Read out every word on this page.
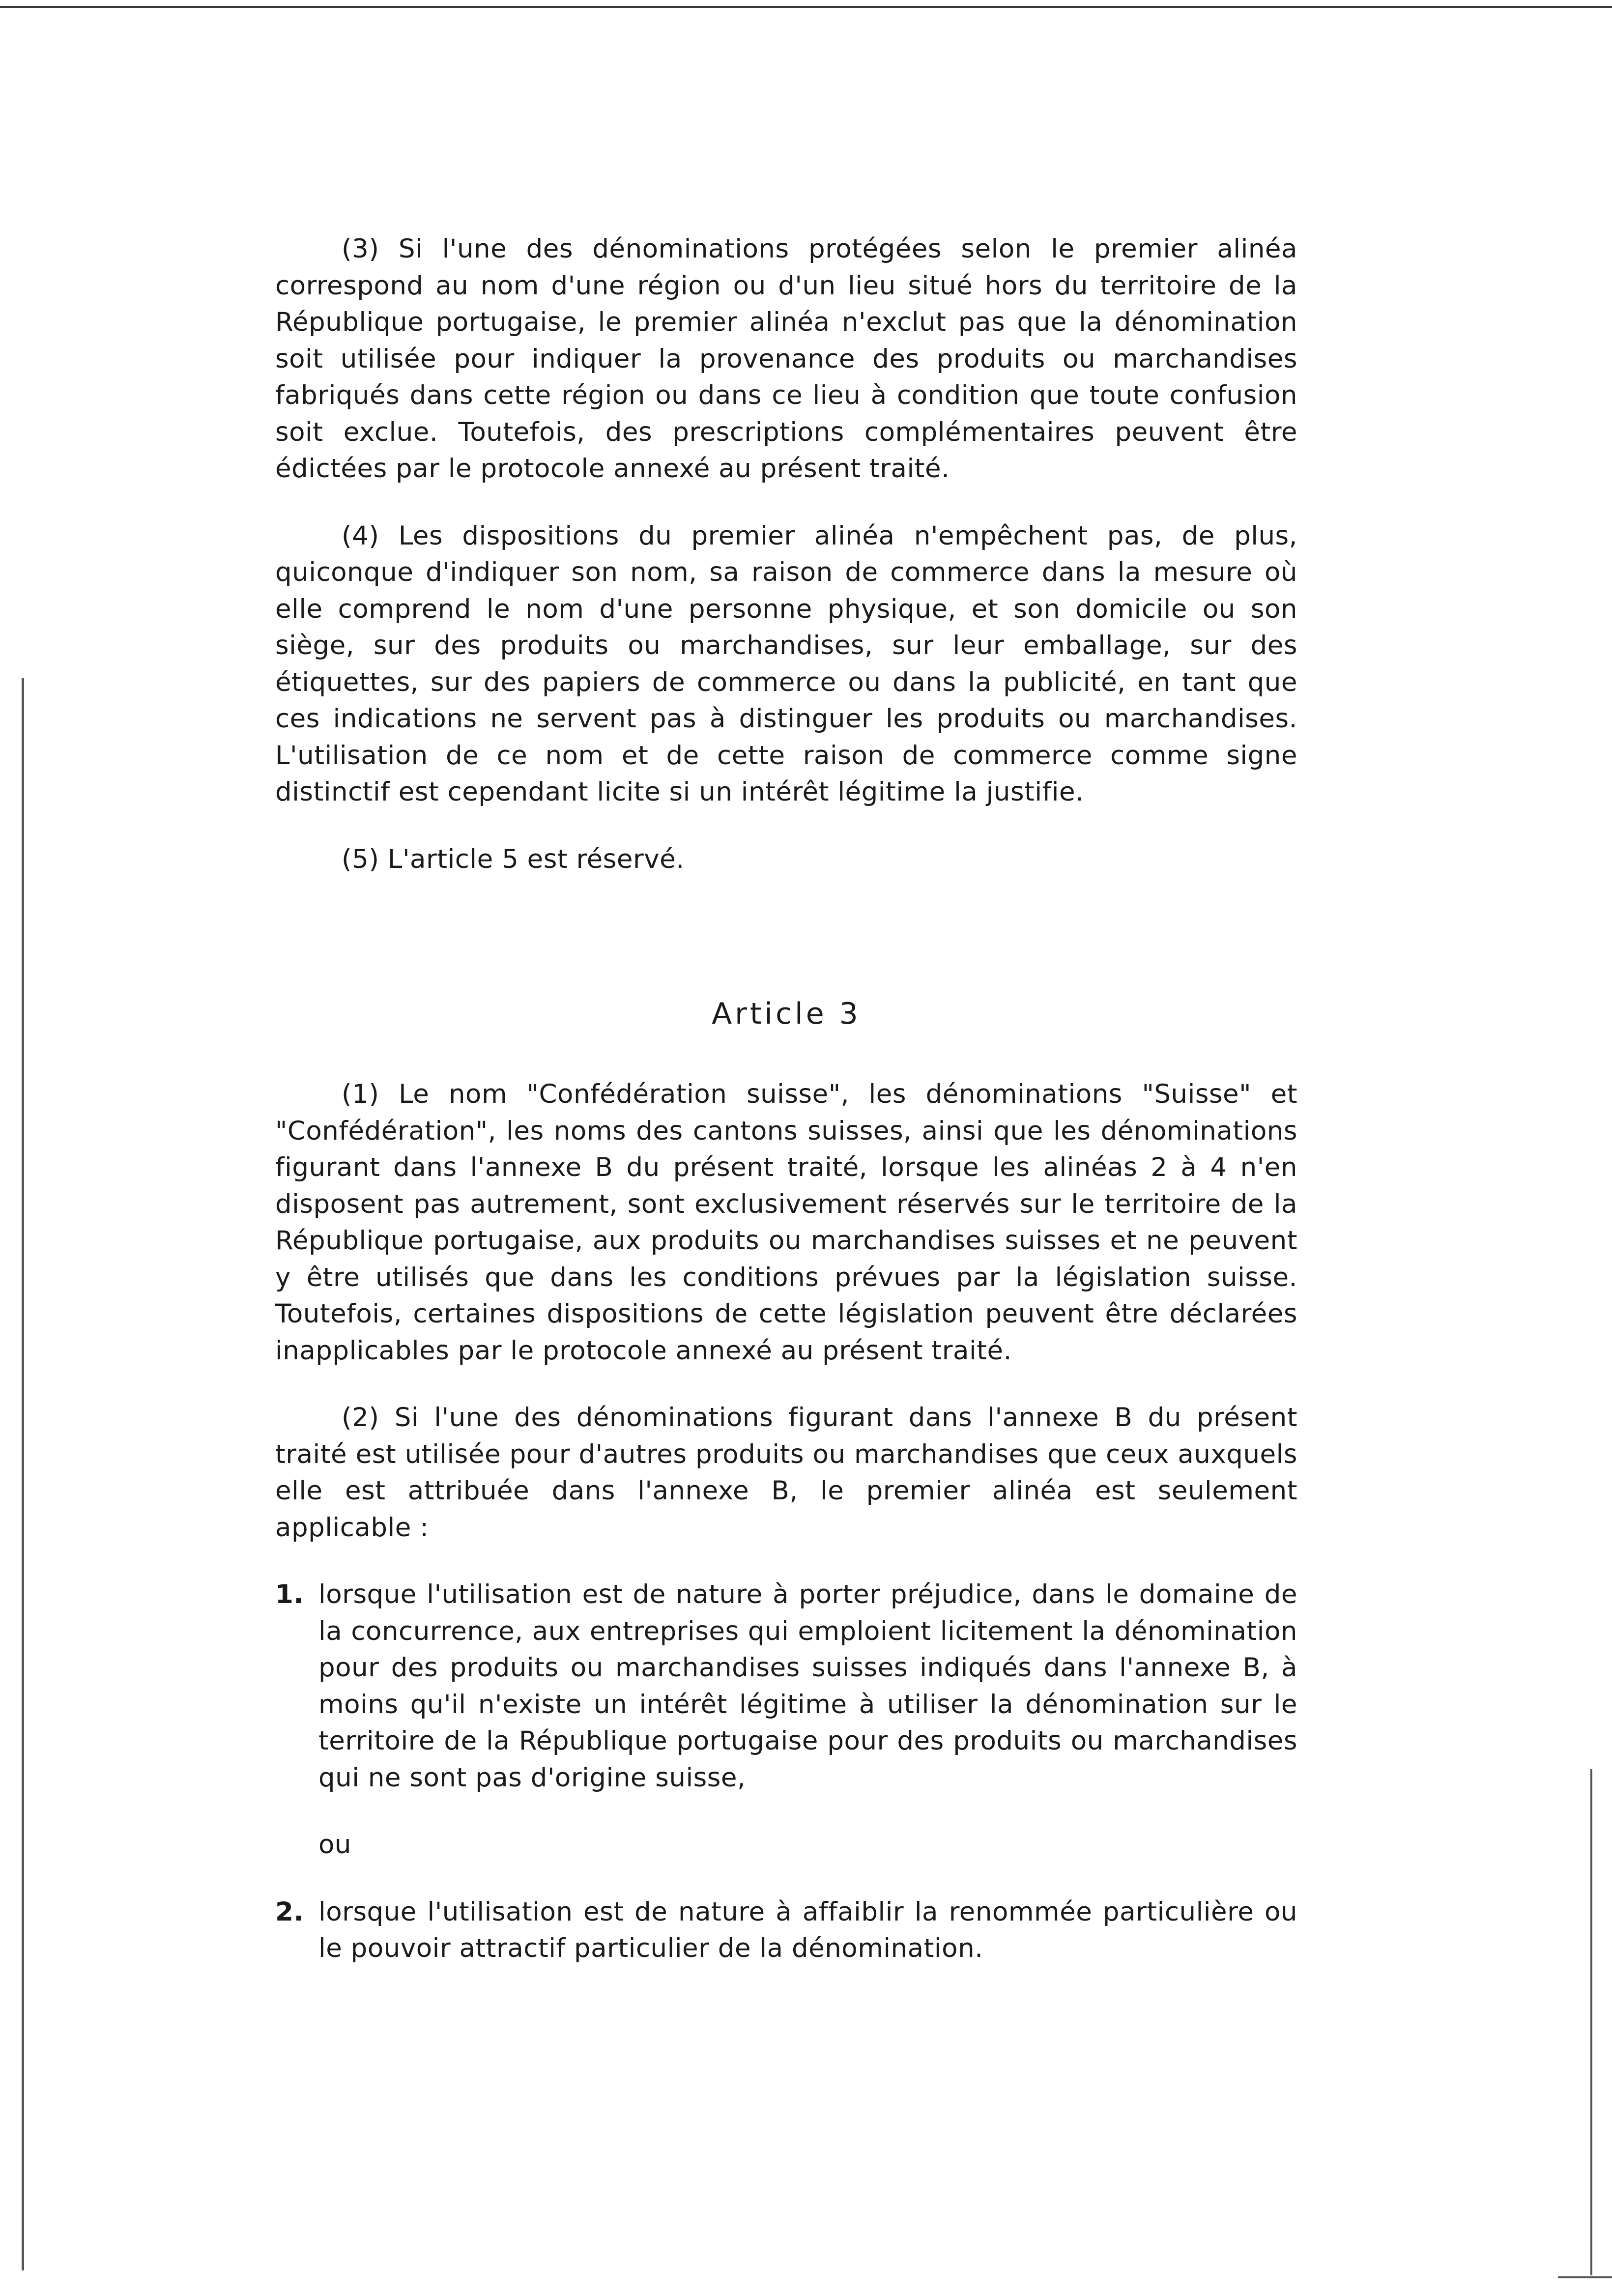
(3) Si l'une des dénominations protégées selon le premier alinéa correspond au nom d'une région ou d'un lieu situé hors du territoire de la République portugaise, le premier alinéa n'exclut pas que la dénomination soit utilisée pour indiquer la provenance des produits ou marchandises fabriqués dans cette région ou dans ce lieu à condition que toute confusion soit exclue. Toutefois, des prescriptions complémentaires peuvent être édictées par le protocole annexé au présent traité.

(4) Les dispositions du premier alinéa n'empêchent pas, de plus, quiconque d'indiquer son nom, sa raison de commerce dans la mesure où elle comprend le nom d'une personne physique, et son domicile ou son siège, sur des produits ou marchandises, sur leur emballage, sur des étiquettes, sur des papiers de commerce ou dans la publicité, en tant que ces indications ne servent pas à distinguer les produits ou marchandises. L'utilisation de ce nom et de cette raison de commerce comme signe distinctif est cependant licite si un intérêt légitime la justifie.

(5) L'article 5 est réservé.

Article 3

(1) Le nom "Confédération suisse", les dénominations "Suisse" et "Confédération", les noms des cantons suisses, ainsi que les dénominations figurant dans l'annexe B du présent traité, lorsque les alinéas 2 à 4 n'en disposent pas autrement, sont exclusivement réservés sur le territoire de la République portugaise, aux produits ou marchandises suisses et ne peuvent y être utilisés que dans les conditions prévues par la législation suisse. Toutefois, certaines dispositions de cette législation peuvent être déclarées inapplicables par le protocole annexé au présent traité.

(2) Si l'une des dénominations figurant dans l'annexe B du présent traité est utilisée pour d'autres produits ou marchandises que ceux auxquels elle est attribuée dans l'annexe B, le premier alinéa est seulement applicable :

1. lorsque l'utilisation est de nature à porter préjudice, dans le domaine de la concurrence, aux entreprises qui emploient licitement la dénomination pour des produits ou marchandises suisses indiqués dans l'annexe B, à moins qu'il n'existe un intérêt légitime à utiliser la dénomination sur le territoire de la République portugaise pour des produits ou marchandises qui ne sont pas d'origine suisse,
ou
2. lorsque l'utilisation est de nature à affaiblir la renommée particulière ou le pouvoir attractif particulier de la dénomination.
